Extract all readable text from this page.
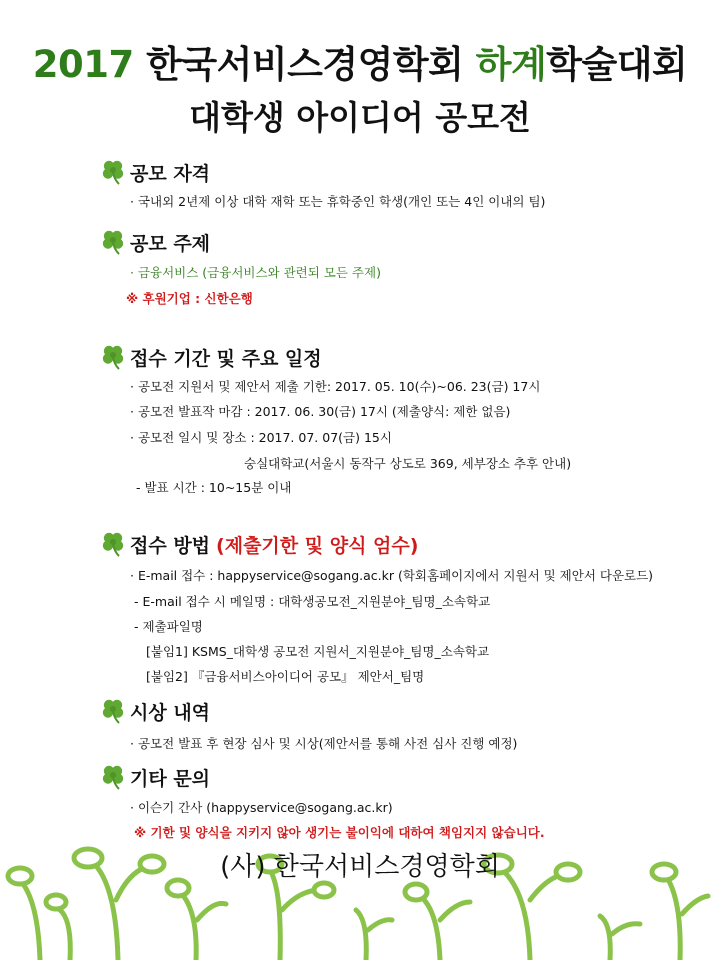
2017 한국서비스경영학회 하계학술대회
대학생 아이디어 공모전
공모 자격
· 국내외 2년제 이상 대학 재학 또는 휴학중인 학생(개인 또는 4인 이내의 팀)
공모 주제
· 금융서비스 (금융서비스와 관련되 모든 주제)
※ 후원기업 : 신한은행
접수 기간 및 주요 일정
· 공모전 지원서 및 제안서 제출 기한: 2017. 05. 10(수)~06. 23(금) 17시
· 공모전 발표작 마감 : 2017. 06. 30(금) 17시 (제출양식: 제한 없음)
· 공모전 일시 및 장소 : 2017. 07. 07(금) 15시
숭실대학교(서울시 동작구 상도로 369, 세부장소 추후 안내)
- 발표 시간 : 10~15분 이내
접수 방법 (제출기한 및 양식 엄수)
· E-mail 접수 : happyservice@sogang.ac.kr (학회홈페이지에서 지원서 및 제안서 다운로드)
- E-mail 접수 시 메일명 : 대학생공모전_지원분야_팀명_소속학교
- 제출파일명
[붙임1] KSMS_대학생 공모전 지원서_지원분야_팀명_소속학교
[붙임2] 『금융서비스아이디어 공모』 제안서_팀명
시상 내역
· 공모전 발표 후 현장 심사 및 시상(제안서를 통해 사전 심사 진행 예정)
기타 문의
· 이슨기 간사 (happyservice@sogang.ac.kr)
※ 기한 및 양식을 지키지 않아 생기는 불이익에 대하여 책임지지 않습니다.
(사) 한국서비스경영학회
